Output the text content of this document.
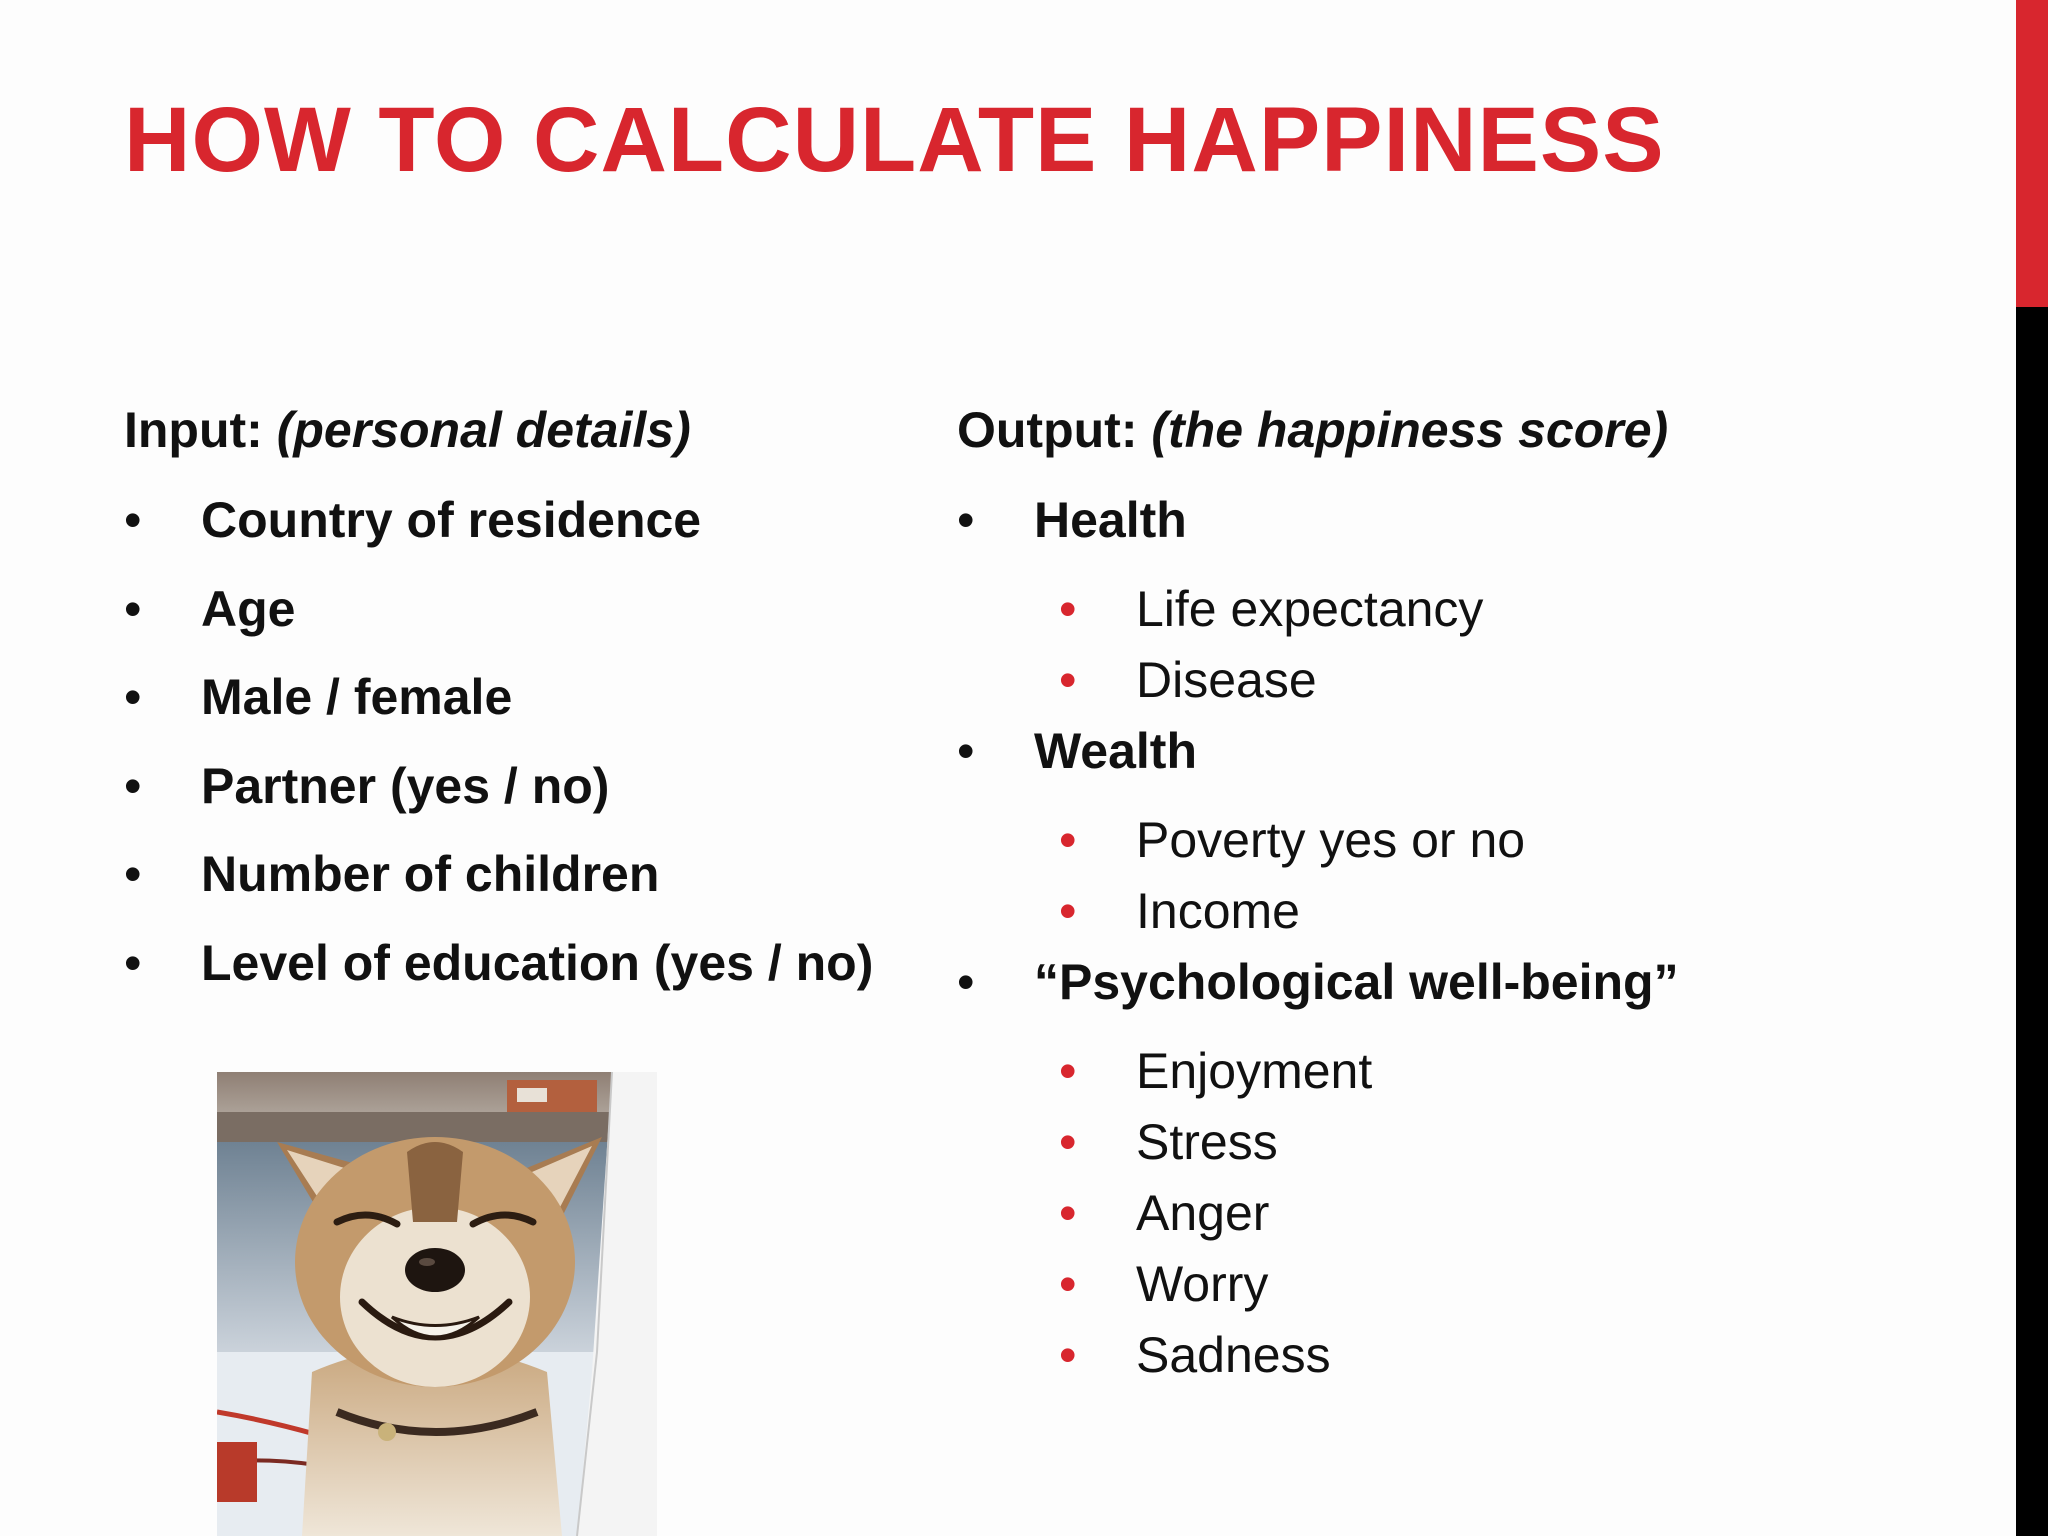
HOW TO CALCULATE HAPPINESS

Input: (personal details)

• Country of residence
• Age
• Male / female
• Partner (yes / no)
• Number of children
• Level of education (yes / no)

Output: (the happiness score)

• Health
• Life expectancy
• Disease
• Wealth
• Poverty yes or no
• Income
• “Psychological well-being”
• Enjoyment
• Stress
• Anger
• Worry
• Sadness
